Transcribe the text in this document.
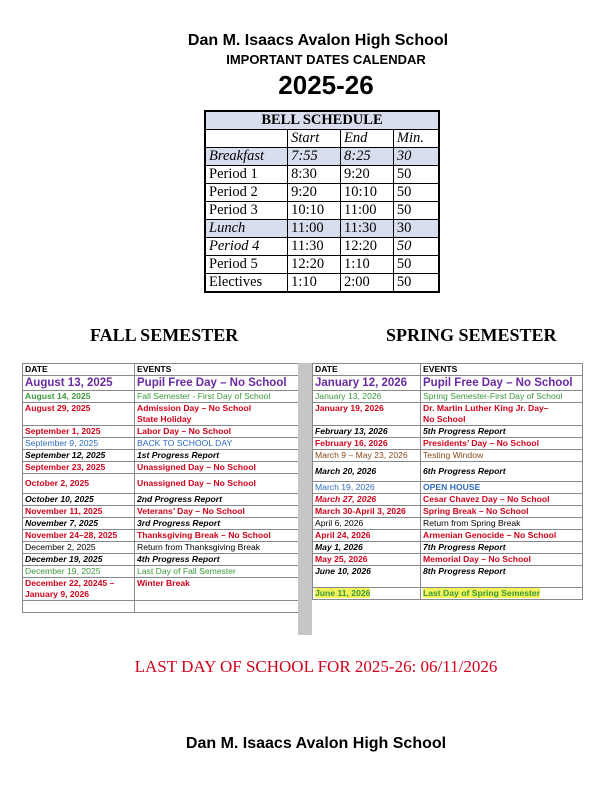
Dan M. Isaacs Avalon High School
IMPORTANT DATES CALENDAR
2025-26
BELL SCHEDULE			
	Start	End	Min.
Breakfast	7:55	8:25	30
Period 1	8:30	9:20	50
Period 2	9:20	10:10	50
Period 3	10:10	11:00	50
Lunch	11:00	11:30	30
Period 4	11:30	12:20	50
Period 5	12:20	1:10	50
Electives	1:10	2:00	50
FALL SEMESTER	SPRING SEMESTER
DATE	EVENTS
August 13, 2025	Pupil Free Day – No School
August 14, 2025	Fall Semester - First Day of School
August 29, 2025	Admission Day – No School
State Holiday
September 1, 2025	Labor Day – No School
September 9, 2025	BACK TO SCHOOL DAY
September 12, 2025	1st Progress Report
September 23, 2025	Unassigned Day – No School
October 2, 2025	Unassigned Day – No School
October 10, 2025	2nd Progress Report
November 11, 2025	Veterans’ Day – No School
November 7, 2025	3rd Progress Report
November 24–28, 2025	Thanksgiving Break – No School
December 2, 2025	Return from Thanksgiving Break
December 19, 2025	4th Progress Report
December 19, 2025	Last Day of Fall Semester
December 22, 20245 –
January 9, 2026	Winter Break

DATE	EVENTS
January 12, 2026	Pupil Free Day – No School
January 13, 2026	Spring Semester-First Day of School
January 19, 2026	Dr. Martin Luther King Jr. Day–
No School
February 13, 2026	5th Progress Report
February 16, 2026	Presidents’ Day – No School
March 9 – May 23, 2026	Testing Window
March 20, 2026	6th Progress Report
March 19, 2026	OPEN HOUSE
March 27, 2026	Cesar Chavez Day – No School
March 30-April 3, 2026	Spring Break – No School
April 6, 2026	Return from Spring Break
April 24, 2026	Armenian Genocide – No School
May 1, 2026	7th Progress Report
May 25, 2026	Memorial Day – No School
June 10, 2026	8th Progress Report
June 11, 2026	Last Day of Spring Semester
LAST DAY OF SCHOOL FOR 2025-26: 06/11/2026
Dan M. Isaacs Avalon High School
